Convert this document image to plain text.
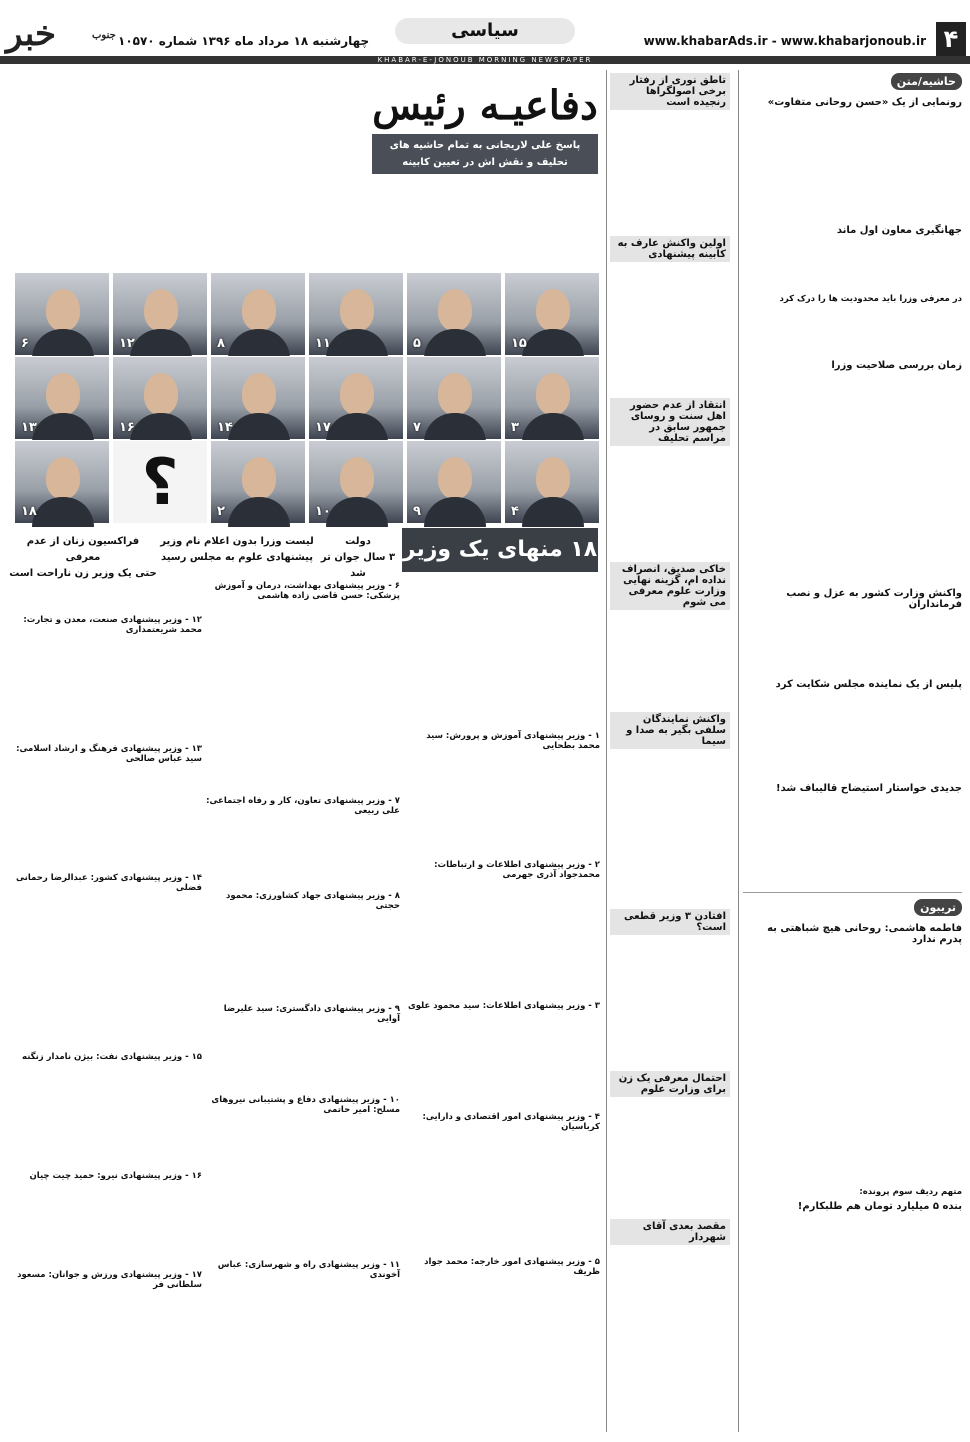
۴
www.khabarAds.ir - www.khabarjonoub.ir
سیاسی
چهارشنبه ۱۸ مرداد ماه ۱۳۹۶ شماره ۱۰۵۷۰
خبر	جنوب
KHABAR-E-JONOUB MORNING NEWSPAPER
حاشیه/متن
رونمایی از یک «حسن روحانی متفاوت»
جهانگیری معاون اول ماند
در معرفی وزرا باید محدودیت ها را درک کرد
زمان بررسی صلاحیت وزرا
واکنش وزارت کشور به عزل و نصب فرمانداران
پلیس از یک نماینده مجلس شکایت کرد
جدیدی خواستار استیضاح قالیباف شد!
تریبون
فاطمه هاشمی: روحانی هیچ شباهتی به پدرم ندارد
متهم ردیف سوم پرونده:
بنده ۵ میلیارد تومان هم طلبکارم!
تاطق نوری از رفتار برخی اصولگراها رنجیده است
اولین واکنش عارف به کابینه پیشنهادی
انتقاد از عدم حضور اهل سنت و روسای جمهور سابق در مراسم تحلیف
خاکی صدیق، انصراف نداده ام، گزینه نهایی وزارت علوم معرفی می شوم
واکنش نمایندگان سلفی بگیر به صدا و سیما
افتادن ۳ وزیر قطعی است؟
احتمال معرفی یک زن برای وزارت علوم
مقصد بعدی آقای شهردار
دفاعیـه رئیس
پاسخ علی لاریجانی به تمام حاشیه های تحلیف و نقش اش در تعیین کابینه
۱۵
۵
۱۱
۸
۱۲
۶
۳
۷
۱۷
۱۴
۱۶
۱۳
۴
۹
۱۰
۲
۱۸	؟
۱۸ منهای یک وزیر
دولت
۳ سال جوان تر شد
لیست وزرا بدون اعلام نام وزیر
پیشنهادی علوم به مجلس رسید
فراکسیون زنان از عدم معرفی
حتی یک وزیر زن ناراحت است
۱ - وزیر پیشنهادی آموزش و پرورش: سید محمد بطحایی
۲ - وزیر پیشنهادی اطلاعات و ارتباطات: محمدجواد آذری جهرمی
۳ - وزیر پیشنهادی اطلاعات: سید محمود علوی
۴ - وزیر پیشنهادی امور اقتصادی و دارایی: کرباسیان
۵ - وزیر پیشنهادی امور خارجه: محمد جواد ظریف
۶ - وزیر پیشنهادی بهداشت، درمان و آموزش پزشکی: حسن قاضی زاده هاشمی
۷ - وزیر پیشنهادی تعاون، کار و رفاه اجتماعی: علی ربیعی
۸ - وزیر پیشنهادی جهاد کشاورزی: محمود حجتی
۹ - وزیر پیشنهادی دادگستری: سید علیرضا آوایی
۱۰ - وزیر پیشنهادی دفاع و پشتیبانی نیروهای مسلح: امیر حاتمی
۱۱ - وزیر پیشنهادی راه و شهرسازی: عباس آخوندی
۱۲ - وزیر پیشنهادی صنعت، معدن و تجارت: محمد شریعتمداری
۱۳ - وزیر پیشنهادی فرهنگ و ارشاد اسلامی: سید عباس صالحی
۱۴ - وزیر پیشنهادی کشور: عبدالرضا رحمانی فضلی
۱۵ - وزیر پیشنهادی نفت: بیژن نامدار زنگنه
۱۶ - وزیر پیشنهادی نیرو: حمید چیت چیان
۱۷ - وزیر پیشنهادی ورزش و جوانان: مسعود سلطانی فر
